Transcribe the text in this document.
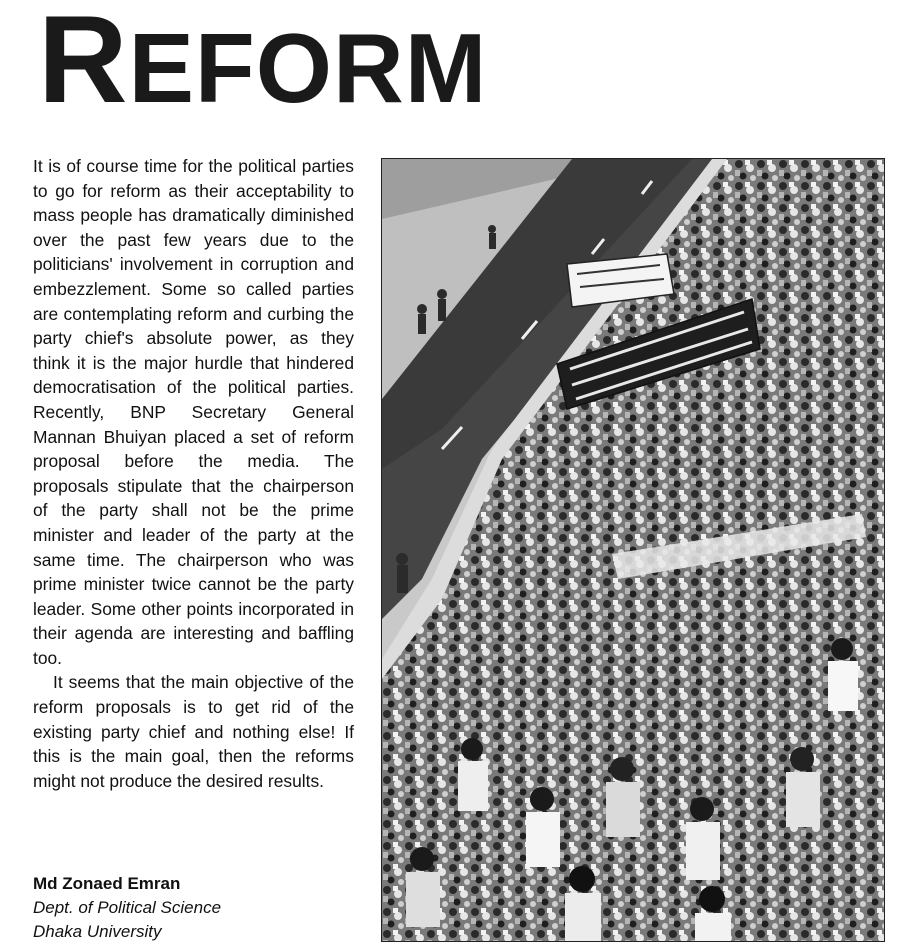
REFORM

It is of course time for the political parties to go for reform as their acceptability to mass people has dramatically diminished over the past few years due to the politicians' involvement in corruption and embezzlement. Some so called parties are contemplating reform and curbing the party chief's absolute power, as they think it is the major hurdle that hindered democratisation of the political parties. Recently, BNP Secretary General Mannan Bhuiyan placed a set of reform proposal before the media. The proposals stipulate that the chairperson of the party shall not be the prime minister and leader of the party at the same time. The chairperson who was prime minister twice cannot be the party leader. Some other points incorporated in their agenda are interesting and baffling too.

It seems that the main objective of the reform proposals is to get rid of the existing party chief and nothing else! If this is the main goal, then the reforms might not produce the desired results.

Md Zonaed Emran
Dept. of Political Science
Dhaka University
